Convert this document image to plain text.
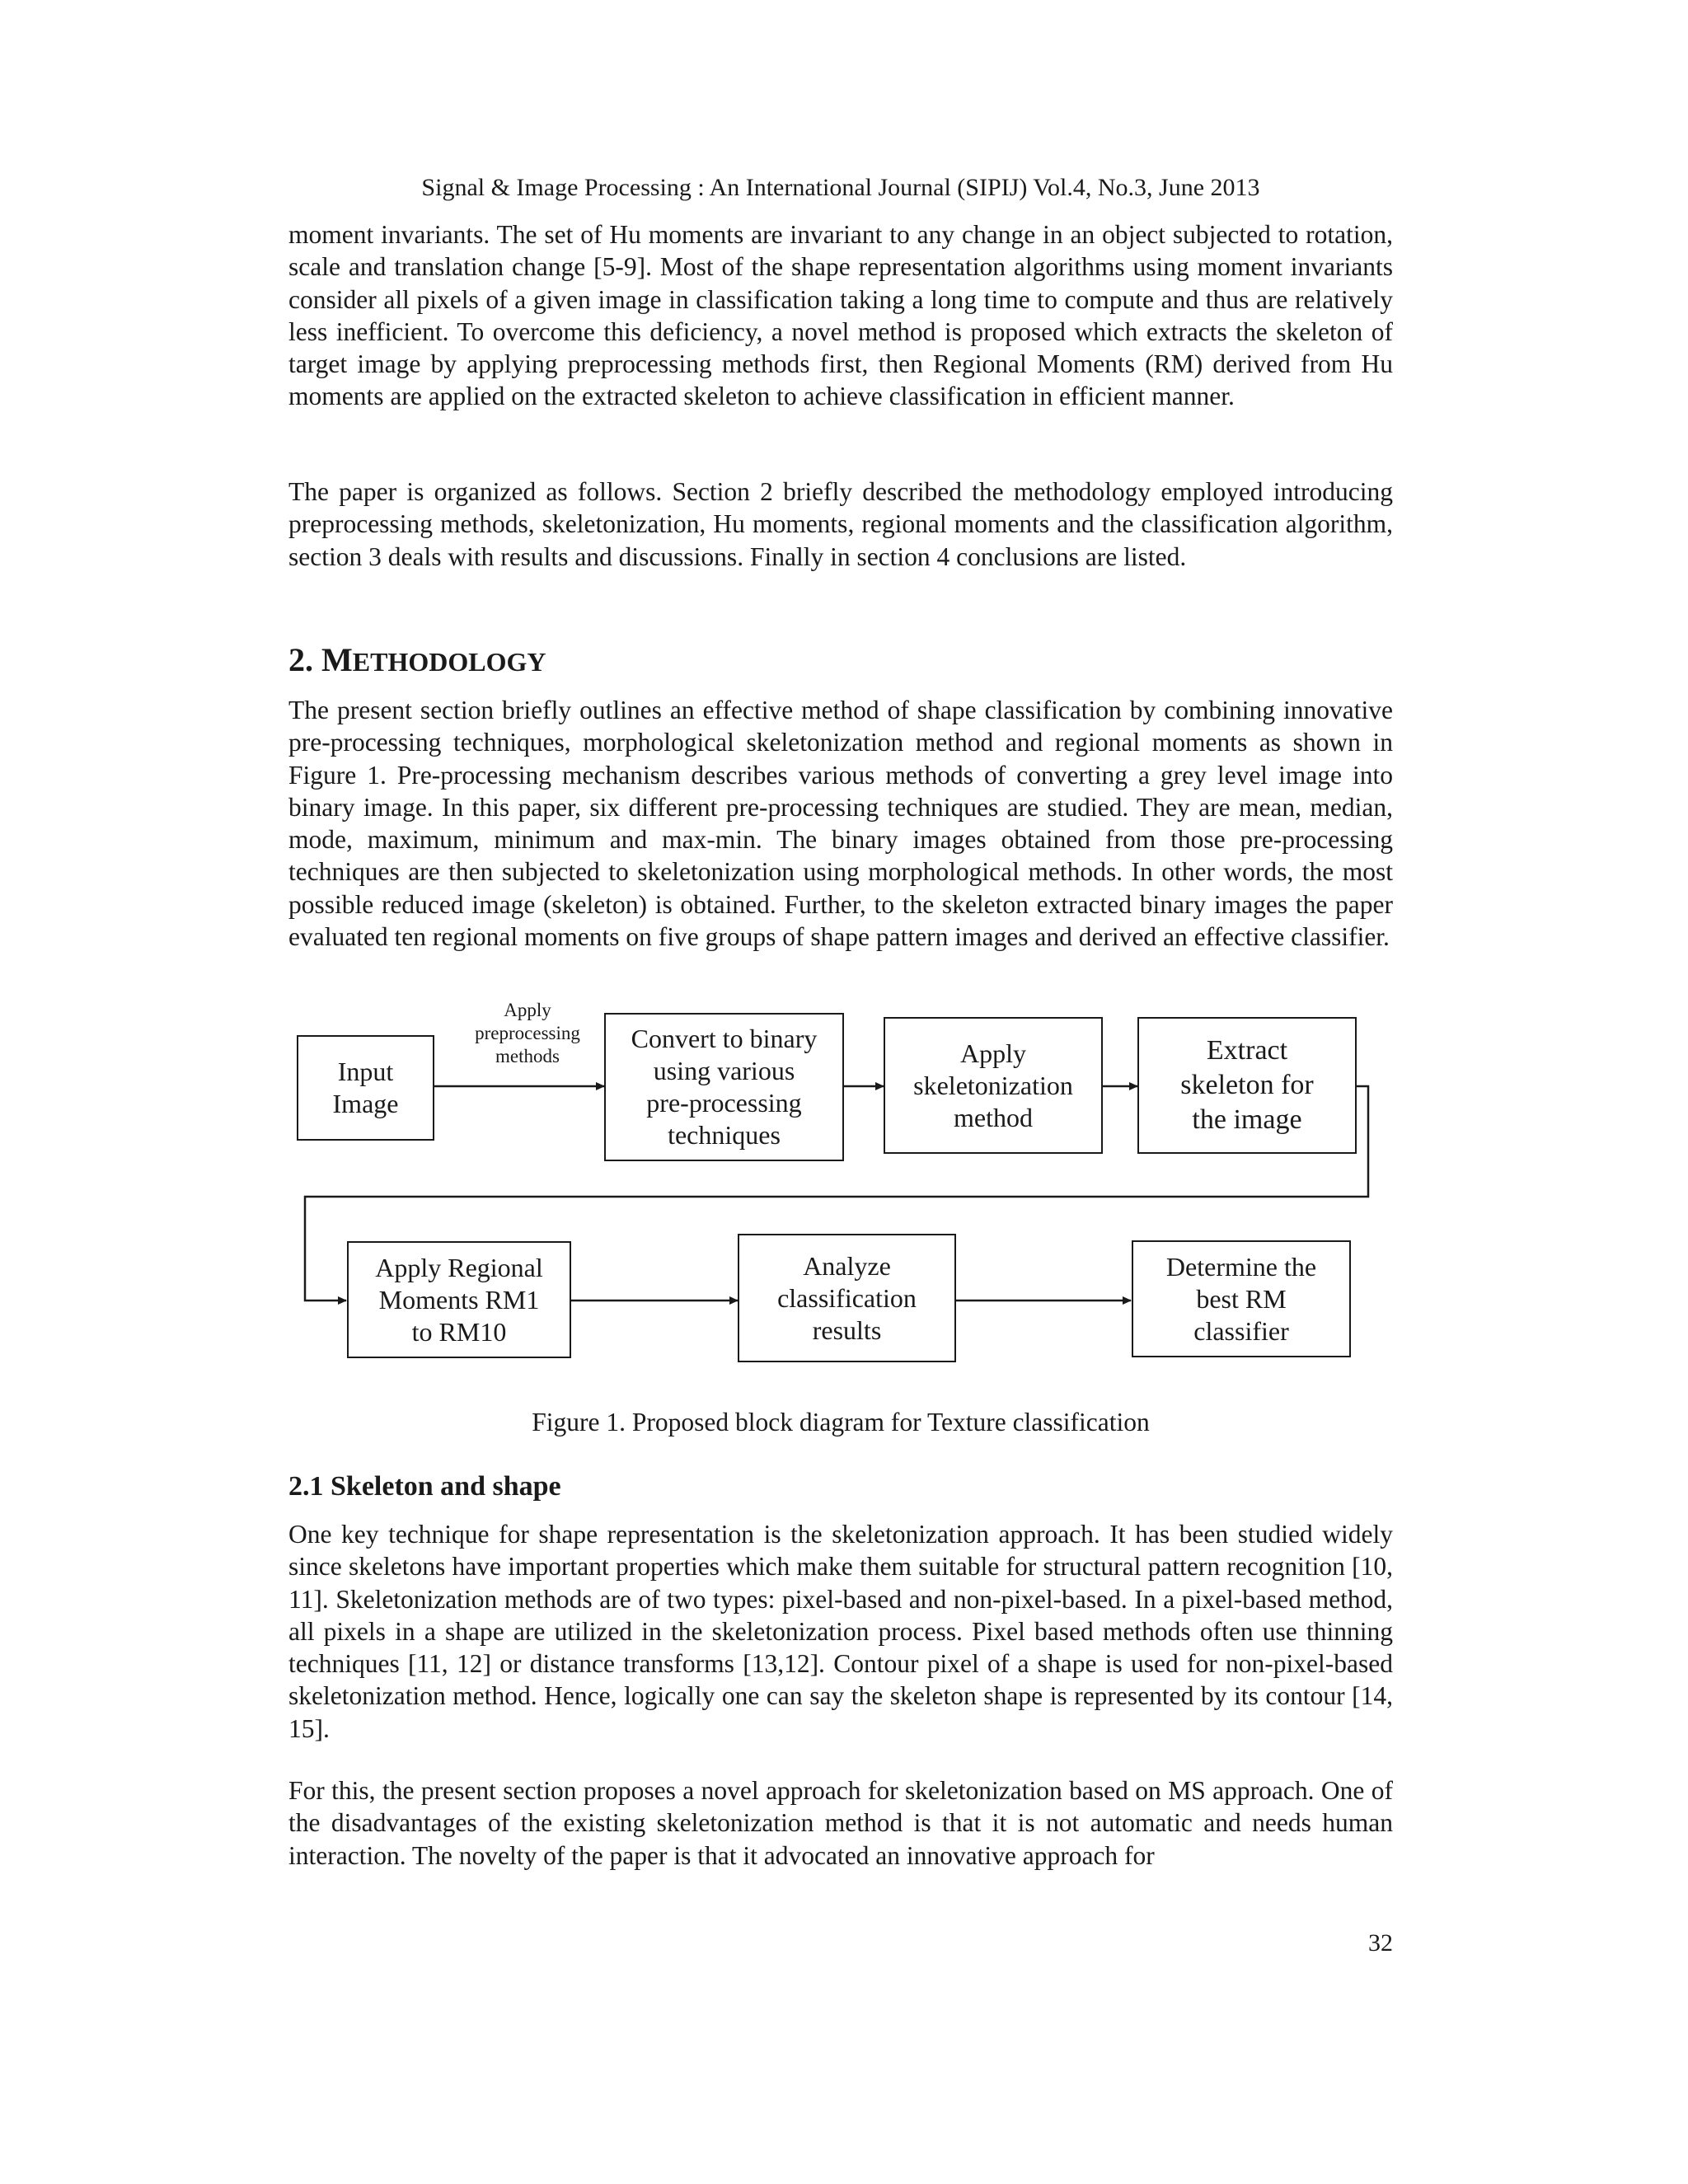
Signal & Image Processing : An International Journal (SIPIJ) Vol.4, No.3, June 2013

moment invariants. The set of Hu moments are invariant to any change in an object subjected to rotation, scale and translation change [5-9]. Most of the shape representation algorithms using moment invariants consider all pixels of a given image in classification taking a long time to compute and thus are relatively less inefficient. To overcome this deficiency, a novel method is proposed which extracts the skeleton of target image by applying preprocessing methods first, then Regional Moments (RM) derived from Hu moments are applied on the extracted skeleton to achieve classification in efficient manner.

The paper is organized as follows. Section 2 briefly described the methodology employed introducing preprocessing methods, skeletonization, Hu moments, regional moments and the classification algorithm, section 3 deals with results and discussions. Finally in section 4 conclusions are listed.

2. METHODOLOGY

The present section briefly outlines an effective method of shape classification by combining innovative pre-processing techniques, morphological skeletonization method and regional moments as shown in Figure 1. Pre-processing mechanism describes various methods of converting a grey level image into binary image. In this paper, six different pre-processing techniques are studied. They are mean, median, mode, maximum, minimum and max-min. The binary images obtained from those pre-processing techniques are then subjected to skeletonization using morphological methods. In other words, the most possible reduced image (skeleton) is obtained. Further, to the skeleton extracted binary images the paper evaluated ten regional moments on five groups of shape pattern images and derived an effective classifier.

Apply
preprocessing
methods
Input
Image
Convert to binary
using various
pre-processing
techniques
Apply
skeletonization
method
Extract
skeleton for
the image
Apply Regional
Moments RM1
to RM10
Analyze
classification
results
Determine the
best RM
classifier
Figure 1. Proposed block diagram for Texture classification
2.1 Skeleton and shape

One key technique for shape representation is the skeletonization approach. It has been studied widely since skeletons have important properties which make them suitable for structural pattern recognition [10, 11]. Skeletonization methods are of two types: pixel-based and non-pixel-based. In a pixel-based method, all pixels in a shape are utilized in the skeletonization process. Pixel based methods often use thinning techniques [11, 12] or distance transforms [13,12]. Contour pixel of a shape is used for non-pixel-based skeletonization method. Hence, logically one can say the skeleton shape is represented by its contour [14, 15].

For this, the present section proposes a novel approach for skeletonization based on MS approach. One of the disadvantages of the existing skeletonization method is that it is not automatic and needs human interaction. The novelty of the paper is that it advocated an innovative approach for

32
